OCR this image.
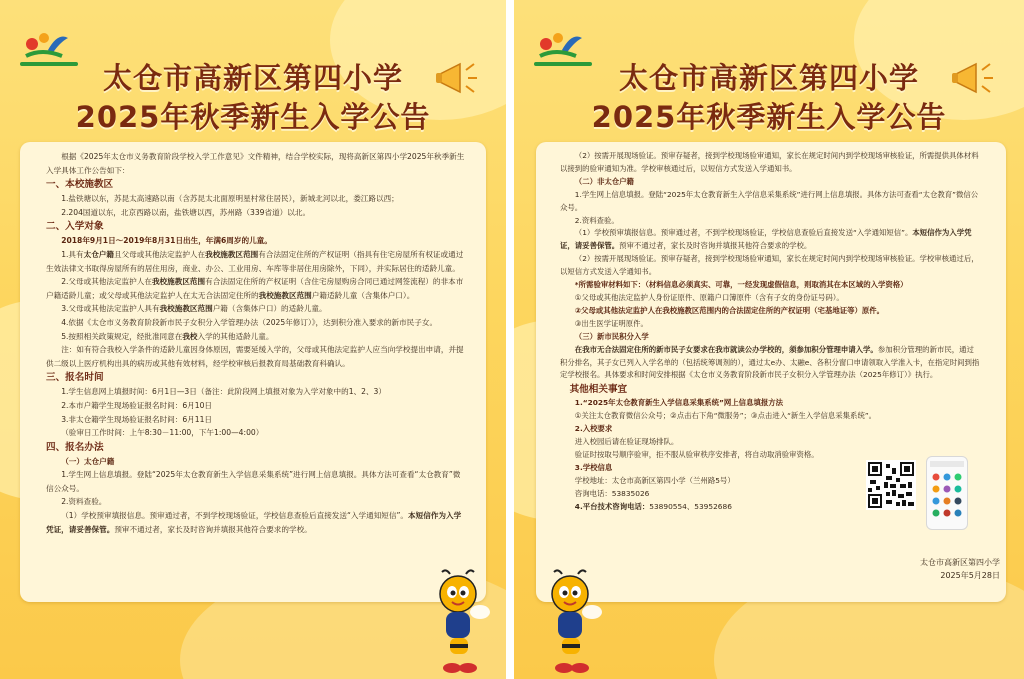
太仓市高新区第四小学
2025年秋季新生入学公告

根据《2025年太仓市义务教育阶段学校入学工作意见》文件精神，结合学校实际，现将高新区第四小学2025年秋季新生入学具体工作公告如下：

一、本校施教区

1.盐铁塘以东，苏昆太高速路以南（含苏昆太北面原明星村常住居民），新城北河以北，娄江路以西；

2.204国道以东，北京西路以南，盐铁塘以西，苏州路（339省道）以北。

二、入学对象

2018年9月1日～2019年8月31日出生，年满6周岁的儿童。

1.具有太仓户籍且父母或其他法定监护人在我校施教区范围有合法固定住所的产权证明（指具有住宅房屋所有权证或通过生效法律文书取得房屋所有的居住用房，商业、办公、工业用房、车库等非居住用房除外，下同），并实际居住的适龄儿童。

2.父母或其他法定监护人在我校施教区范围有合法固定住所的产权证明（含住宅房屋购房合同已通过网签流程）的非本市户籍适龄儿童；或父母或其他法定监护人在太无合法固定住所的我校施教区范围户籍适龄儿童（含集体户口）。

3.父母或其他法定监护人具有我校施教区范围户籍（含集体户口）的适龄儿童。

4.依据《太仓市义务教育阶段新市民子女积分入学管理办法（2025年修订）》，达到积分准入要求的新市民子女。

5.按照相关政策规定，经批准同意在我校入学的其他适龄儿童。

注：如有符合我校入学条件的适龄儿童因身体原因，需要延缓入学的，父母或其他法定监护人应当向学校提出申请，并提供二级以上医疗机构出具的病历或其他有效材料，经学校审核后报教育局基础教育科确认。

三、报名时间

1.学生信息网上填报时间：6月1日—3日（备注：此阶段网上填报对象为入学对象中的1、2、3）

2.本市户籍学生现场验证报名时间：6月10日

3.非太仓籍学生现场验证报名时间：6月11日

（验审日工作时间：上午8:30－11:00，下午1:00—4:00）

四、报名办法

（一）太仓户籍

1.学生网上信息填报。登陆“2025年太仓教育新生入学信息采集系统”进行网上信息填报。具体方法可查看“太仓教育”微信公众号。

2.资料查验。

（1）学校预审填报信息。预审通过者，不到学校现场验证，学校信息查验后直接发送“入学通知短信”。本短信作为入学凭证，请妥善保管。预审不通过者，家长及时咨询并填报其他符合要求的学校。

太仓市高新区第四小学
2025年秋季新生入学公告

（2）按需开展现场验证。预审存疑者，接到学校现场验审通知，家长在规定时间内到学校现场审核验证，所需提供具体材料以接到的验审通知为准。学校审核通过后，以短信方式发送入学通知书。

（二）非太仓户籍

1.学生网上信息填报。登陆“2025年太仓教育新生入学信息采集系统”进行网上信息填报。具体方法可查看“太仓教育”微信公众号。

2.资料查验。

（1）学校预审填报信息。预审通过者，不到学校现场验证，学校信息查验后直接发送“入学通知短信”。本短信作为入学凭证，请妥善保管。预审不通过者，家长及时咨询并填报其他符合要求的学校。

（2）按需开展现场验证。预审存疑者，接到学校现场验审通知，家长在规定时间内到学校现场审核验证。学校审核通过后，以短信方式发送入学通知书。

*所需验审材料如下：（材料信息必须真实、可靠，一经发现虚假信息，则取消其在本区域的入学资格）

①父母或其他法定监护人身份证原件、原籍户口簿原件（含有子女的身份证号码）。

②父母或其他法定监护人在我校施教区范围内的合法固定住所的产权证明（宅基地证等）原件。

③出生医学证明原件。

（三）新市民积分入学

在我市无合法固定住所的新市民子女要求在我市就读公办学校的，须参加积分管理申请入学。参加积分管理的新市民，通过积分排名，其子女已列入入学名单的（包括统筹调剂的），通过太e办、太融e、各积分窗口申请领取入学准入卡，在指定时间到指定学校报名。具体要求和时间安排根据《太仓市义务教育阶段新市民子女积分入学管理办法（2025年修订）》执行。

其他相关事宜

1.“2025年太仓教育新生入学信息采集系统”网上信息填报方法

①关注太仓教育微信公众号；②点击右下角“微服务”；③点击进入“新生入学信息采集系统”。

2.入校要求

进入校园后请在验证现场排队。

验证时按取号顺序验审，拒不服从验审秩序安排者，将自动取消验审资格。

3.学校信息

学校地址：太仓市高新区第四小学（兰州路5号）

咨询电话：53835026

4.平台技术咨询电话：53890554、53952686

太仓市高新区第四小学
2025年5月28日
